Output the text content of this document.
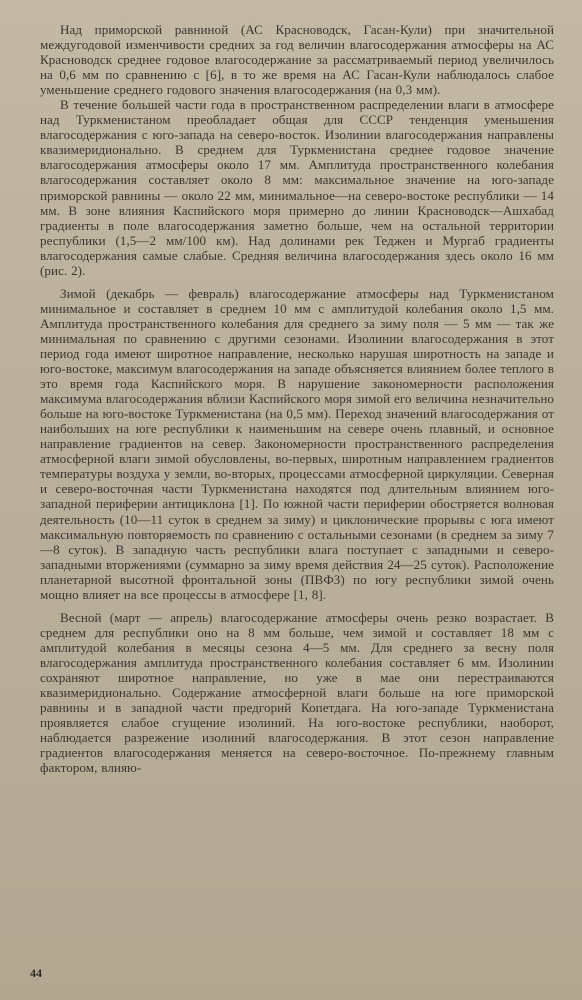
Над приморской равниной (АС Красноводск, Гасан-Кули) при значительной междугодовой изменчивости средних за год величин влагосодержания атмосферы на АС Красноводск среднее годовое влагосодержание за рассматриваемый период увеличилось на 0,6 мм по сравнению с [6], в то же время на АС Гасан-Кули наблюдалось слабое уменьшение среднего годового значения влагосодержания (на 0,3 мм).

В течение большей части года в пространственном распределении влаги в атмосфере над Туркменистаном преобладает общая для СССР тенденция уменьшения влагосодержания с юго-запада на северо-восток. Изолинии влагосодержания направлены квазимеридионально. В среднем для Туркменистана среднее годовое значение влагосодержания атмосферы около 17 мм. Амплитуда пространственного колебания влагосодержания составляет около 8 мм: максимальное значение на юго-западе приморской равнины — около 22 мм, минимальное—на северо-востоке республики — 14 мм. В зоне влияния Каспийского моря примерно до линии Красноводск—Ашхабад градиенты в поле влагосодержания заметно больше, чем на остальной территории республики (1,5—2 мм/100 км). Над долинами рек Теджен и Мургаб градиенты влагосодержания самые слабые. Средняя величина влагосодержания здесь около 16 мм (рис. 2).

Зимой (декабрь — февраль) влагосодержание атмосферы над Туркменистаном минимальное и составляет в среднем 10 мм с амплитудой колебания около 1,5 мм. Амплитуда пространственного колебания для среднего за зиму поля — 5 мм — так же минимальная по сравнению с другими сезонами. Изолинии влагосодержания в этот период года имеют широтное направление, несколько нарушая широтность на западе и юго-востоке, максимум влагосодержания на западе объясняется влиянием более теплого в это время года Каспийского моря. В нарушение закономерности расположения максимума влагосодержания вблизи Каспийского моря зимой его величина незначительно больше на юго-востоке Туркменистана (на 0,5 мм). Переход значений влагосодержания от наибольших на юге республики к наименьшим на севере очень плавный, и основное направление градиентов на север. Закономерности пространственного распределения атмосферной влаги зимой обусловлены, во-первых, широтным направлением градиентов температуры воздуха у земли, во-вторых, процессами атмосферной циркуляции. Северная и северо-восточная части Туркменистана находятся под длительным влиянием юго-западной периферии антициклона [1]. По южной части периферии обостряется волновая деятельность (10—11 суток в среднем за зиму) и циклонические прорывы с юга имеют максимальную повторяемость по сравнению с остальными сезонами (в среднем за зиму 7—8 суток). В западную часть республики влага поступает с западными и северо-западными вторжениями (суммарно за зиму время действия 24—25 суток). Расположение планетарной высотной фронтальной зоны (ПВФЗ) по югу республики зимой очень мощно влияет на все процессы в атмосфере [1, 8].

Весной (март — апрель) влагосодержание атмосферы очень резко возрастает. В среднем для республики оно на 8 мм больше, чем зимой и составляет 18 мм с амплитудой колебания в месяцы сезона 4—5 мм. Для среднего за весну поля влагосодержания амплитуда пространственного колебания составляет 6 мм. Изолинии сохраняют широтное направление, но уже в мае они перестраиваются квазимеридионально. Содержание атмосферной влаги больше на юге приморской равнины и в западной части предгорий Копетдага. На юго-западе Туркменистана проявляется слабое сгущение изолиний. На юго-востоке республики, наоборот, наблюдается разрежение изолиний влагосодержания. В этот сезон направление градиентов влагосодержания меняется на северо-восточное. По-прежнему главным фактором, влияю-

44
